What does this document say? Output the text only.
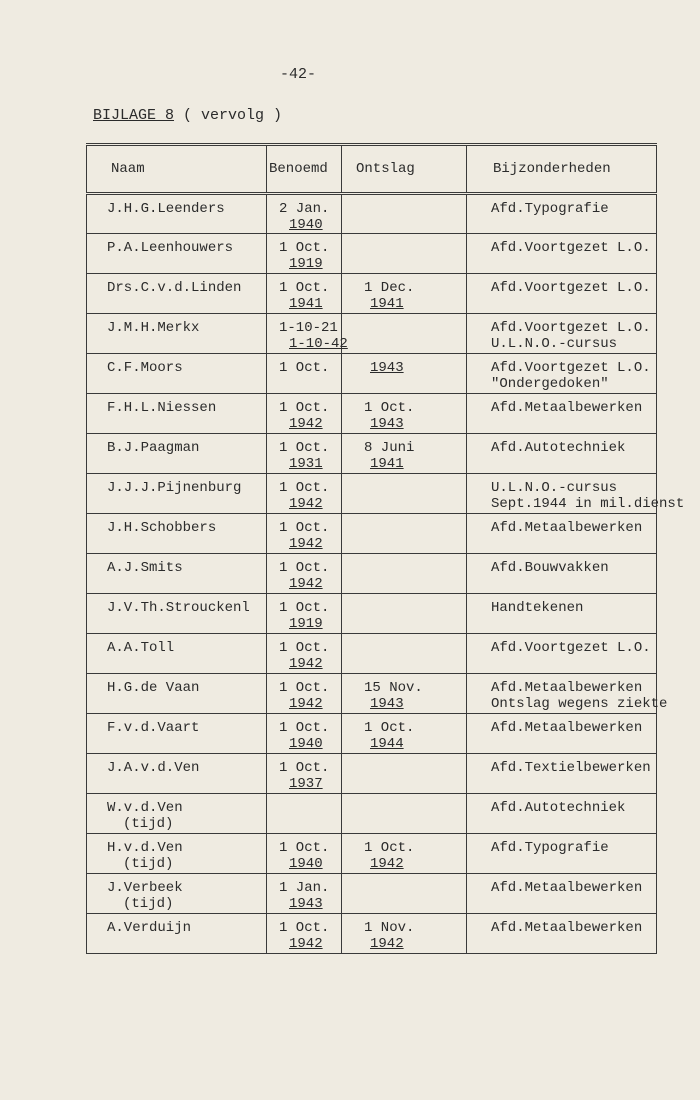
-42-
BIJLAGE 8 ( vervolg )
Naam	Benoemd	Ontslag	Bijzonderheden

J.H.G.Leenders	2 Jan.
1940		Afd.Typografie

P.A.Leenhouwers	1 Oct.
1919		Afd.Voortgezet L.O.

Drs.C.v.d.Linden	1 Oct.
1941	1 Dec.
1941	Afd.Voortgezet L.O.

J.M.H.Merkx	1-10-21
1-10-42		Afd.Voortgezet L.O.
U.L.N.O.-cursus

C.F.Moors	1 Oct.	1943	Afd.Voortgezet L.O.
"Ondergedoken"

F.H.L.Niessen	1 Oct.
1942	1 Oct.
1943	Afd.Metaalbewerken

B.J.Paagman	1 Oct.
1931	8 Juni
1941	Afd.Autotechniek

J.J.J.Pijnenburg	1 Oct.
1942		U.L.N.O.-cursus
Sept.1944 in mil.dienst

J.H.Schobbers	1 Oct.
1942		Afd.Metaalbewerken

A.J.Smits	1 Oct.
1942		Afd.Bouwvakken

J.V.Th.Strouckenl	1 Oct.
1919		Handtekenen

A.A.Toll	1 Oct.
1942		Afd.Voortgezet L.O.

H.G.de Vaan	1 Oct.
1942	15 Nov.
1943	Afd.Metaalbewerken
Ontslag wegens ziekte

F.v.d.Vaart	1 Oct.
1940	1 Oct.
1944	Afd.Metaalbewerken

J.A.v.d.Ven	1 Oct.
1937		Afd.Textielbewerken

W.v.d.Ven
(tijd)			Afd.Autotechniek

H.v.d.Ven
(tijd)	1 Oct.
1940	1 Oct.
1942	Afd.Typografie

J.Verbeek
(tijd)	1 Jan.
1943		Afd.Metaalbewerken

A.Verduijn	1 Oct.
1942	1 Nov.
1942	Afd.Metaalbewerken
